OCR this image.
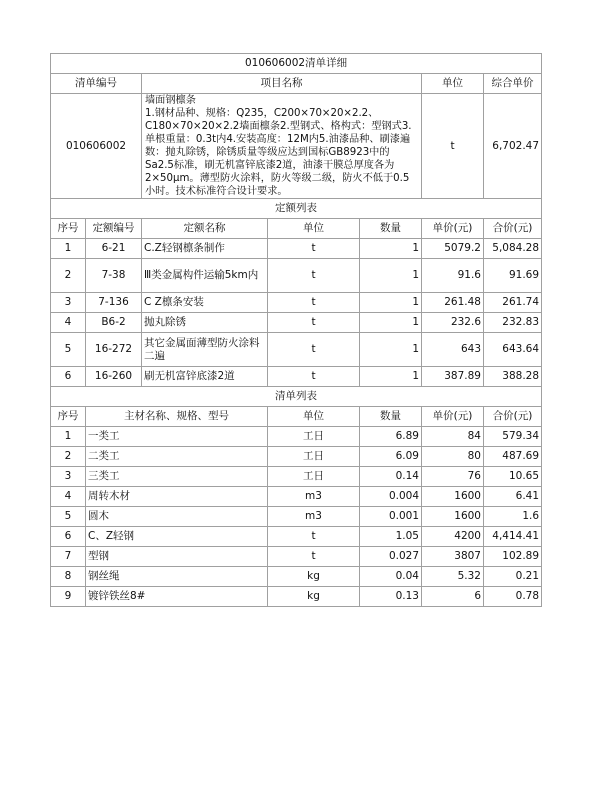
010606002清单详细						
清单编号		项目名称			单位	综合单价
010606002		墙面钢檩条
1.钢材品种、规格：Q235，C200×70×20×2.2、C180×70×20×2.2墙面檩条2.型钢式、格构式：型钢式3.单根重量：0.3t内4.安装高度：12M内5.油漆品种、刷漆遍数：抛丸除锈，除锈质量等级应达到国标GB8923中的Sa2.5标准，刷无机富锌底漆2道，油漆干膜总厚度各为2×50μm。薄型防火涂料，防火等级二级，防火不低于0.5小时。技术标准符合设计要求。			t	6,702.47
定额列表						
序号	定额编号	定额名称	单位	数量	单价(元)	合价(元)
1	6-21	C.Z轻钢檩条制作	t	1	5079.2	5,084.28
2	7-38	Ⅲ类金属构件运输5km内	t	1	91.6	91.69
3	7-136	C Z檩条安装	t	1	261.48	261.74
4	B6-2	抛丸除锈	t	1	232.6	232.83
5	16-272	其它金属面薄型防火涂料二遍	t	1	643	643.64
6	16-260	刷无机富锌底漆2道	t	1	387.89	388.28
清单列表						
序号	主材名称、规格、型号		单位	数量	单价(元)	合价(元)
1	一类工		工日	6.89	84	579.34
2	二类工		工日	6.09	80	487.69
3	三类工		工日	0.14	76	10.65
4	周转木材		m3	0.004	1600	6.41
5	圆木		m3	0.001	1600	1.6
6	C、Z轻钢		t	1.05	4200	4,414.41
7	型钢		t	0.027	3807	102.89
8	钢丝绳		kg	0.04	5.32	0.21
9	镀锌铁丝8#		kg	0.13	6	0.78
